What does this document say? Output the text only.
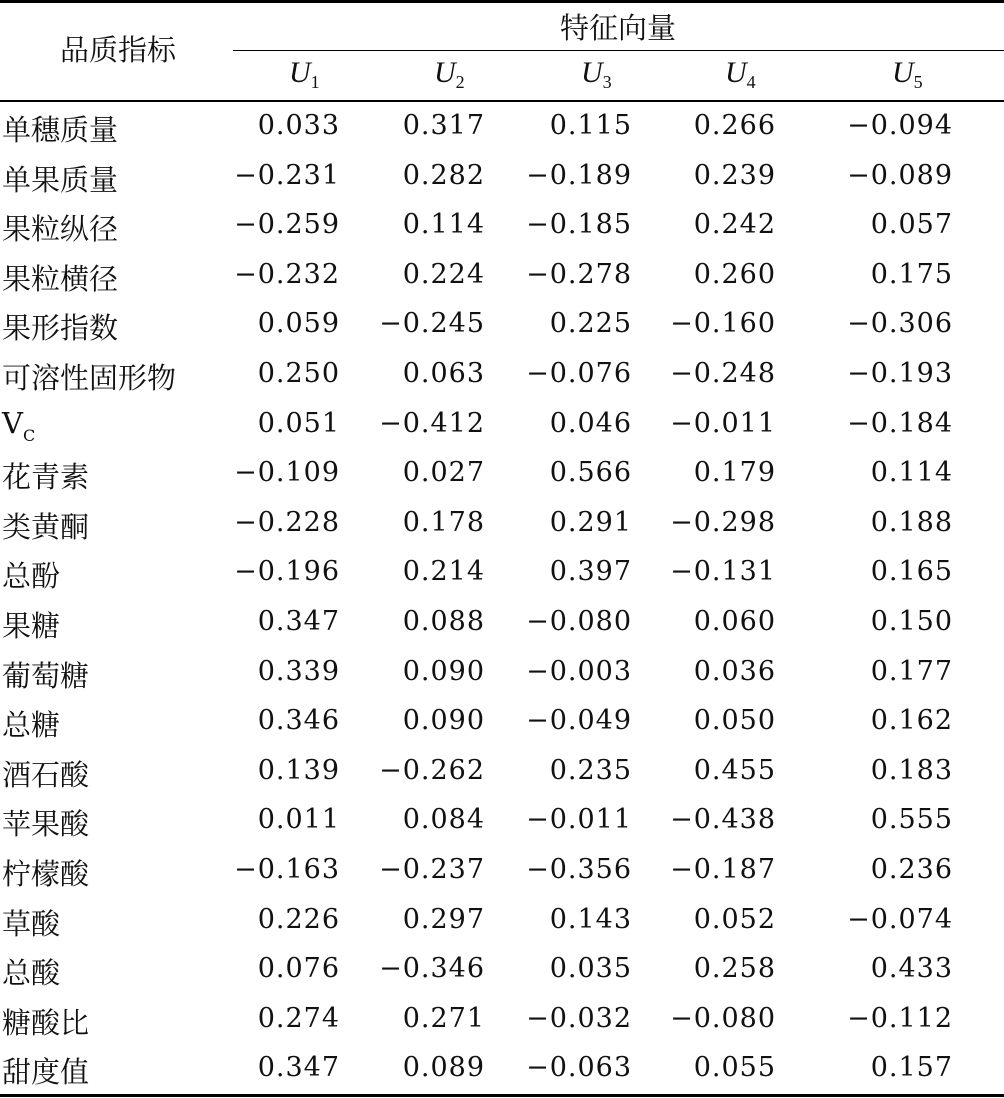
品质指标
特征向量
$U_1$	$U_2$	$U_3$	$U_4$	$U_5$
单穗质量	0.033 0.317 0.115 0.266	−0.094
单果质量	−0.231 0.282 −0.189 0.239	−0.089
果粒纵径	−0.259 0.114 −0.185 0.242	0.057
果粒横径	−0.232 0.224 −0.278 0.260	0.175
果形指数	0.059 −0.245 0.225 −0.160	−0.306
可溶性固形物	0.250 0.063 −0.076 −0.248	−0.193
$V_C$	0.051 −0.412 0.046 −0.011	−0.184
花青素	−0.109 0.027 0.566 0.179	0.114
类黄酮	−0.228 0.178 0.291 −0.298	0.188
总酚	−0.196 0.214 0.397 −0.131	0.165
果糖	0.347 0.088 −0.080 0.060	0.150
葡萄糖	0.339 0.090 −0.003 0.036	0.177
总糖	0.346 0.090 −0.049 0.050	0.162
酒石酸	0.139 −0.262 0.235 0.455	0.183
苹果酸	0.011 0.084 −0.011 −0.438	0.555
柠檬酸	−0.163 −0.237 −0.356 −0.187	0.236
草酸	0.226 0.297 0.143 0.052	−0.074
总酸	0.076 −0.346 0.035 0.258	0.433
糖酸比	0.274 0.271 −0.032 −0.080	−0.112
甜度值	0.347 0.089 −0.063 0.055	0.157
